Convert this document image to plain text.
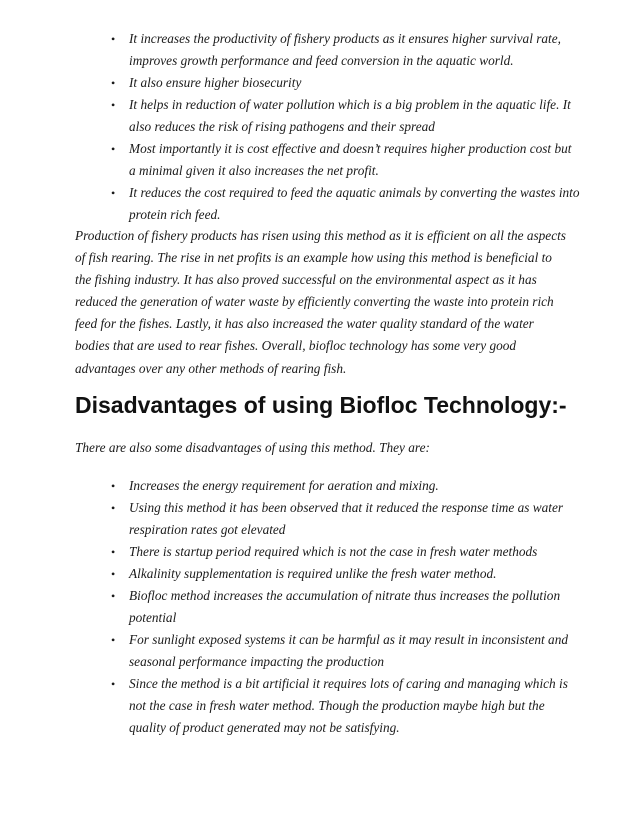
• It increases the productivity of fishery products as it ensures higher survival rate, improves growth performance and feed conversion in the aquatic world.
• It also ensure higher biosecurity
• It helps in reduction of water pollution which is a big problem in the aquatic life. It also reduces the risk of rising pathogens and their spread
• Most importantly it is cost effective and doesn’t requires higher production cost but a minimal given it also increases the net profit.
• It reduces the cost required to feed the aquatic animals by converting the wastes into protein rich feed.

Production of fishery products has risen using this method as it is efficient on all the aspects of fish rearing. The rise in net profits is an example how using this method is beneficial to the fishing industry. It has also proved successful on the environmental aspect as it has reduced the generation of water waste by efficiently converting the waste into protein rich feed for the fishes. Lastly, it has also increased the water quality standard of the water bodies that are used to rear fishes. Overall, biofloc technology has some very good advantages over any other methods of rearing fish.

Disadvantages of using Biofloc Technology:-

There are also some disadvantages of using this method. They are:

• Increases the energy requirement for aeration and mixing.
• Using this method it has been observed that it reduced the response time as water respiration rates got elevated
• There is startup period required which is not the case in fresh water methods
• Alkalinity supplementation is required unlike the fresh water method.
• Biofloc method increases the accumulation of nitrate thus increases the pollution potential
• For sunlight exposed systems it can be harmful as it may result in inconsistent and seasonal performance impacting the production
• Since the method is a bit artificial it requires lots of caring and managing which is not the case in fresh water method. Though the production maybe high but the quality of product generated may not be satisfying.
